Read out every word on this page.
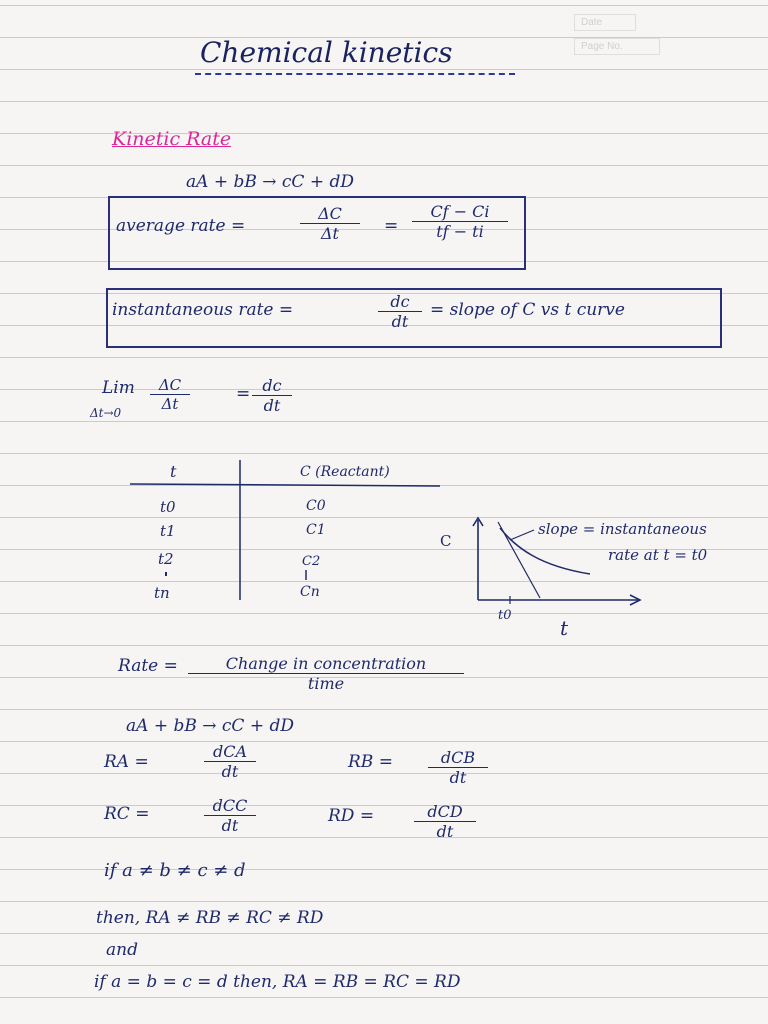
Date
Page No.
Chemical kinetics
Kinetic Rate
aA + bB → cC + dD
average rate =	$\frac{\Delta C}{\Delta t} = \frac{Cf - Ci}{tf - ti}$
instantaneous rate =	$\frac{dc}{dt}$ = slope of C vs t curve
Lim
$\Delta t\to 0 \frac{\Delta C}{\Delta t}$	= $\frac{dc}{dt}$
t	C (Reactant)
t0	C0
t1	C1
t2	C2
tn	Cn
C
t0
t
slope = instantaneous
rate at t = t0
Rate =	Change in concentration
time
aA + bB → cC + dD
RA =
dCA
dt	RB =	dCB
dt
RC =	dCC
dt	RD =	dCD
dt
if a ≠ b ≠ c ≠ d
then, RA ≠ RB ≠ RC ≠ RD
and
if a = b = c = d then, RA = RB = RC = RD
